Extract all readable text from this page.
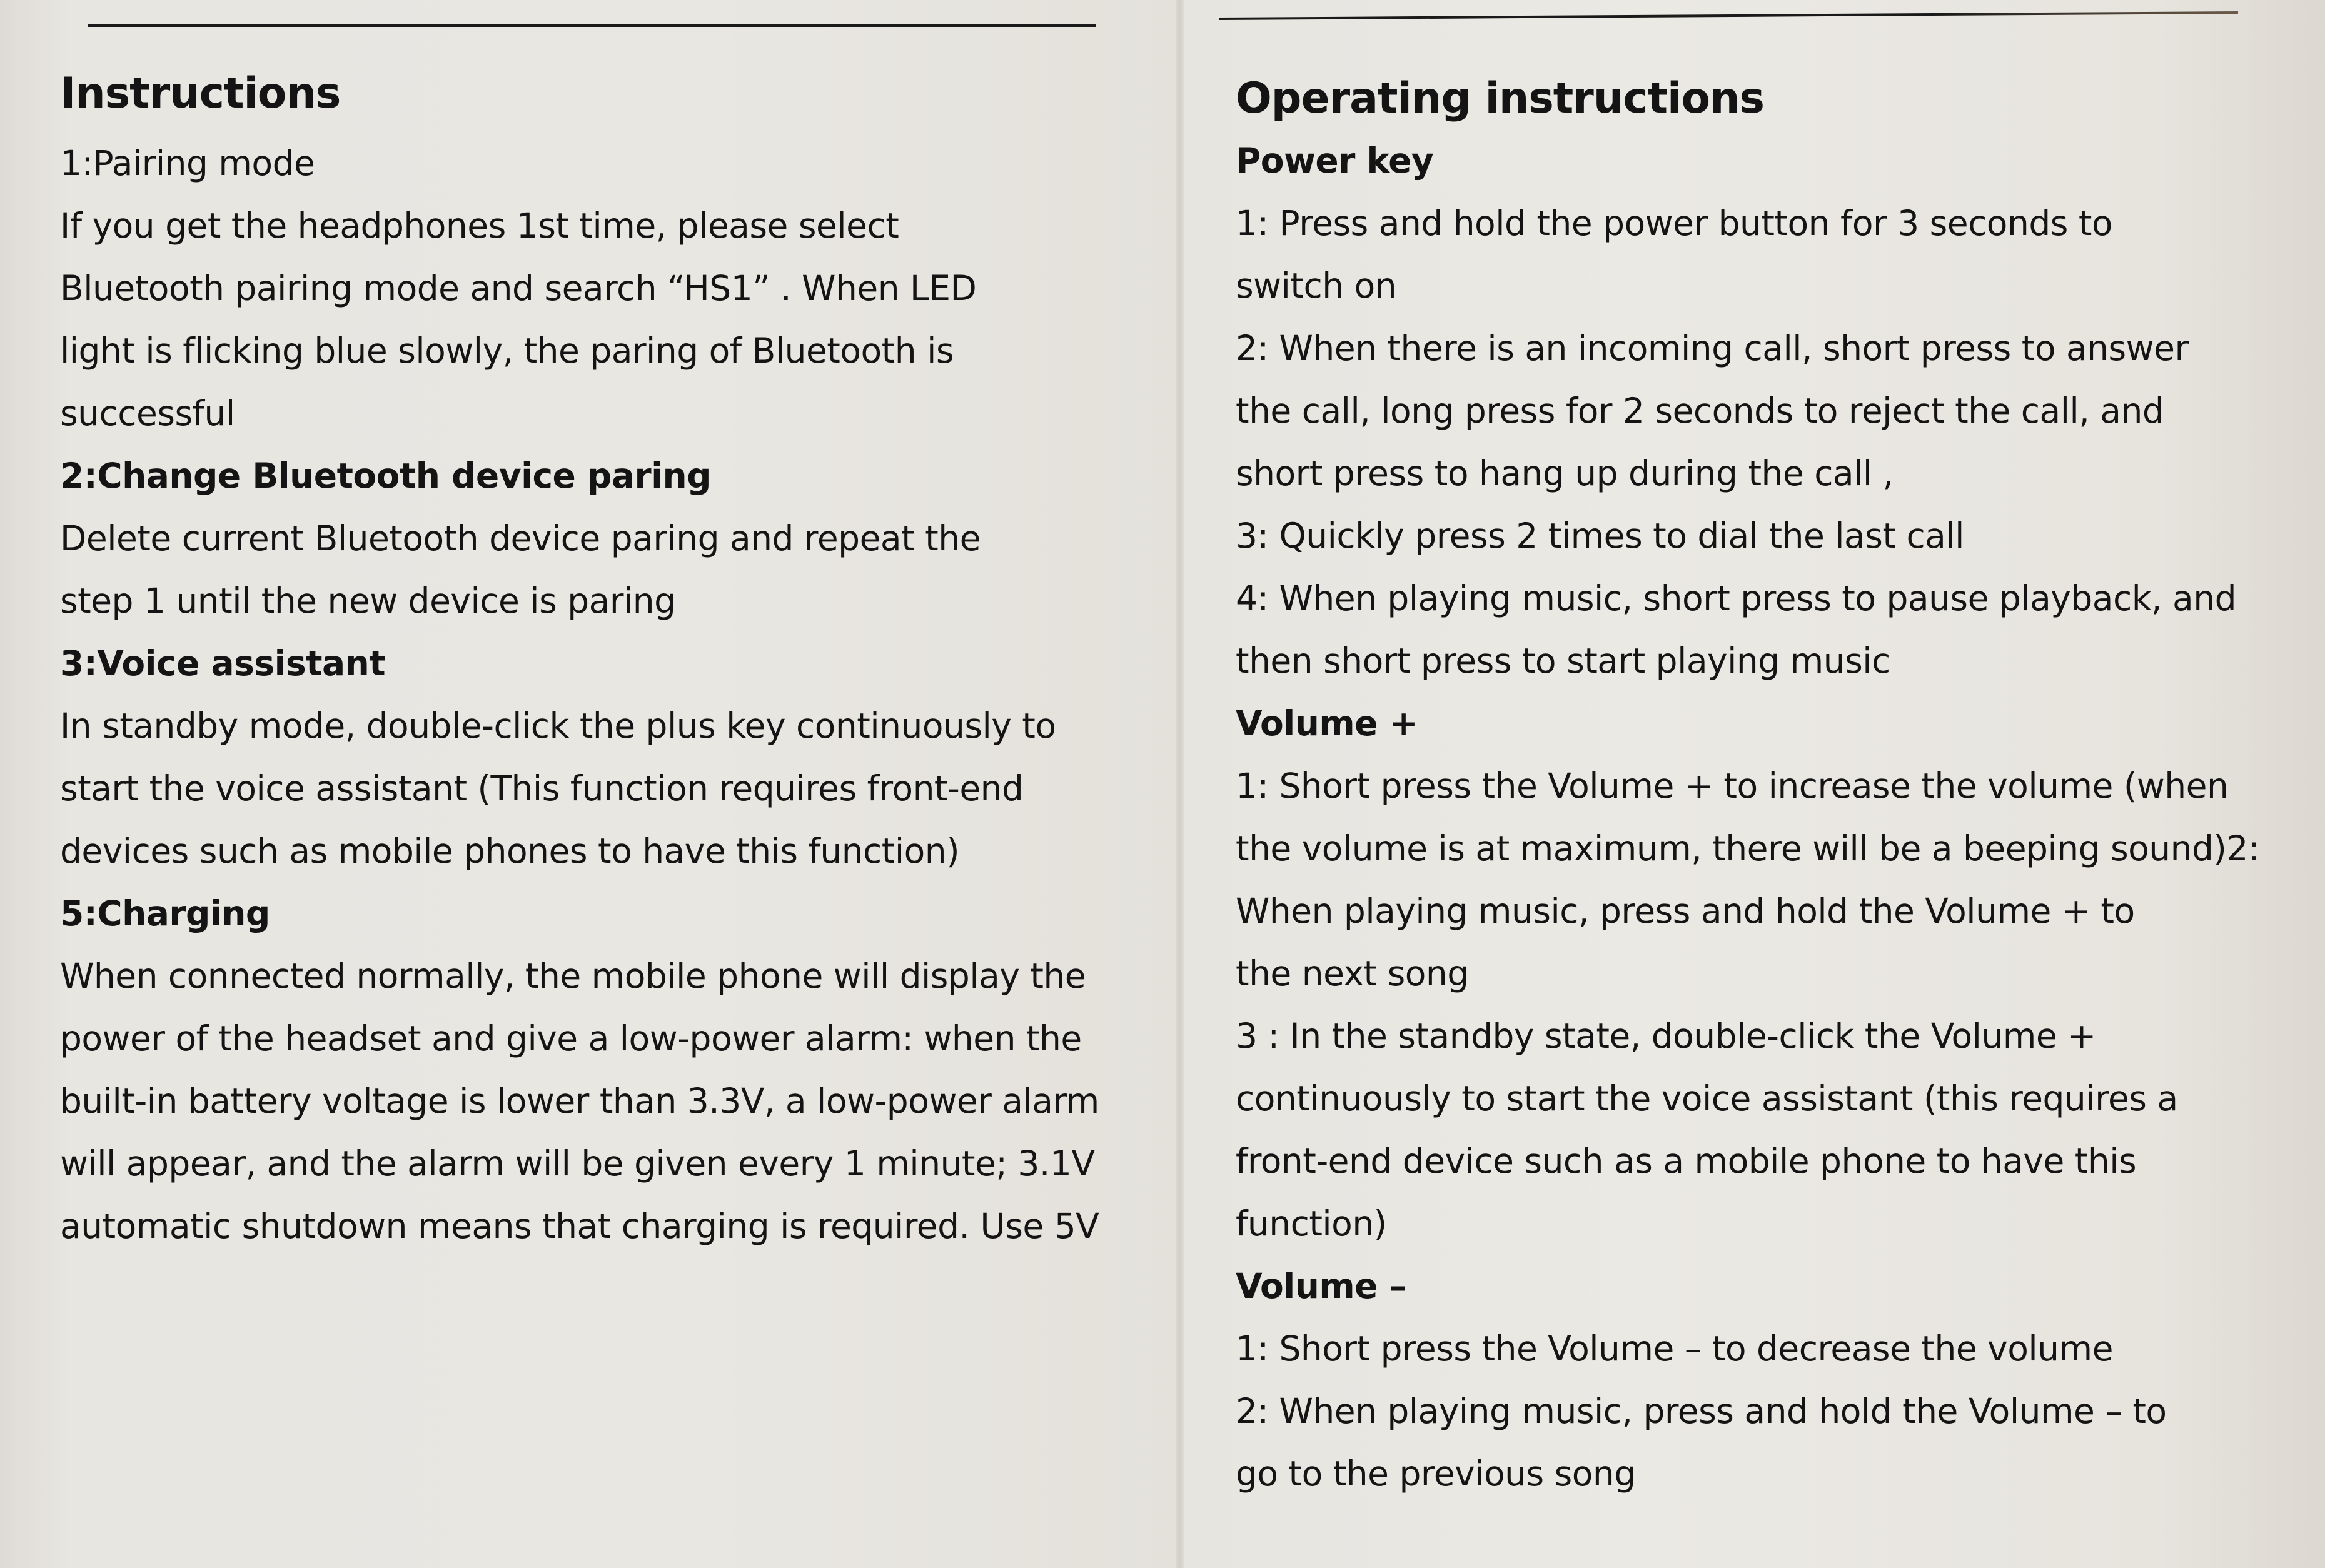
Instructions

1:Pairing mode

If you get the headphones 1st time, please select

Bluetooth pairing mode and search “HS1” . When LED

light is flicking blue slowly, the paring of Bluetooth is

successful

2:Change Bluetooth device paring

Delete current Bluetooth device paring and repeat the

step 1 until the new device is paring

3:Voice assistant

In standby mode, double-click the plus key continuously to

start the voice assistant (This function requires front-end

devices such as mobile phones to have this function)

5:Charging

When connected normally, the mobile phone will display the

power of the headset and give a low-power alarm: when the

built-in battery voltage is lower than 3.3V, a low-power alarm

will appear, and the alarm will be given every 1 minute; 3.1V

automatic shutdown means that charging is required. Use 5V

Operating instructions

Power key

1: Press and hold the power button for 3 seconds to

switch on

2: When there is an incoming call, short press to answer

the call, long press for 2 seconds to reject the call, and

short press to hang up during the call ,

3: Quickly press 2 times to dial the last call

4: When playing music, short press to pause playback, and

then short press to start playing music

Volume +

1: Short press the Volume + to increase the volume (when

the volume is at maximum, there will be a beeping sound)2:

When playing music, press and hold the Volume + to

the next song

3 : In the standby state, double-click the Volume +

continuously to start the voice assistant (this requires a

front-end device such as a mobile phone to have this

function)

Volume –

1: Short press the Volume – to decrease the volume

2: When playing music, press and hold the Volume – to

go to the previous song
